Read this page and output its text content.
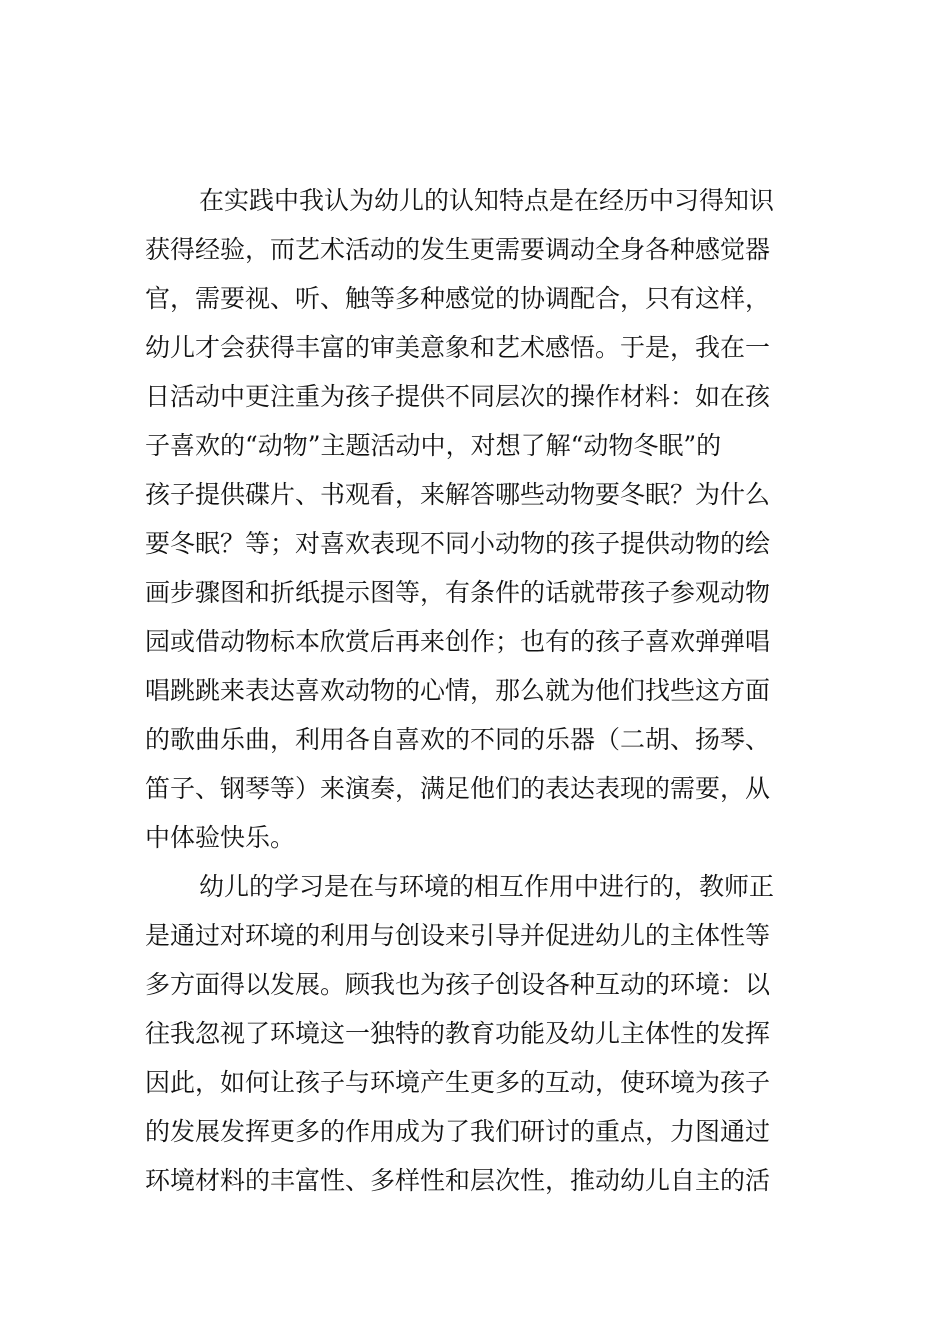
在实践中我认为幼儿的认知特点是在经历中习得知识
获得经验，而艺术活动的发生更需要调动全身各种感觉器
官，需要视、听、触等多种感觉的协调配合，只有这样，
幼儿才会获得丰富的审美意象和艺术感悟。于是，我在一
日活动中更注重为孩子提供不同层次的操作材料：如在孩
子喜欢的“动物”主题活动中，对想了解“动物冬眠”的
孩子提供碟片、书观看，来解答哪些动物要冬眠？为什么
要冬眠？等；对喜欢表现不同小动物的孩子提供动物的绘
画步骤图和折纸提示图等，有条件的话就带孩子参观动物
园或借动物标本欣赏后再来创作；也有的孩子喜欢弹弹唱
唱跳跳来表达喜欢动物的心情，那么就为他们找些这方面
的歌曲乐曲，利用各自喜欢的不同的乐器（二胡、扬琴、
笛子、钢琴等）来演奏，满足他们的表达表现的需要，从
中体验快乐。
幼儿的学习是在与环境的相互作用中进行的，教师正
是通过对环境的利用与创设来引导并促进幼儿的主体性等
多方面得以发展。顾我也为孩子创设各种互动的环境：以
往我忽视了环境这一独特的教育功能及幼儿主体性的发挥
因此，如何让孩子与环境产生更多的互动，使环境为孩子
的发展发挥更多的作用成为了我们研讨的重点，力图通过
环境材料的丰富性、多样性和层次性，推动幼儿自主的活
